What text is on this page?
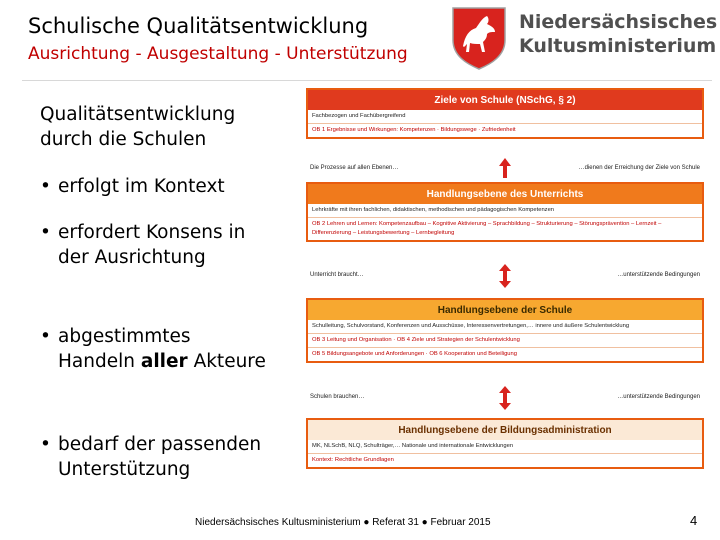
Schulische Qualitätsentwicklung
Ausrichtung - Ausgestaltung - Unterstützung
Niedersächsisches
Kultusministerium
Qualitätsentwicklung
durch die Schulen
• erfolgt im Kontext
• erfordert Konsens in
der Ausrichtung
• abgestimmtes
Handeln aller Akteure
• bedarf der passenden
Unterstützung
Ziele von Schule (NSchG, § 2)
Fachbezogen und Fachübergreifend
OB 1 Ergebnisse und Wirkungen: Kompetenzen · Bildungswege · Zufriedenheit
Die Prozesse auf allen Ebenen…	…dienen der Erreichung der Ziele von Schule
Handlungsebene des Unterrichts
Lehrkräfte mit ihren fachlichen, didaktischen, methodischen und pädagogischen Kompetenzen
OB 2 Lehren und Lernen: Kompetenzaufbau – Kognitive Aktivierung – Sprachbildung – Strukturierung – Störungsprävention – Lernzeit – Differenzierung – Leistungsbewertung – Lernbegleitung
Unterricht braucht…	…unterstützende Bedingungen
Handlungsebene der Schule
Schulleitung, Schulvorstand, Konferenzen und Ausschüsse, Interessenvertretungen,… innere und äußere Schulentwicklung
OB 3 Leitung und Organisation · OB 4 Ziele und Strategien der Schulentwicklung
OB 5 Bildungsangebote und Anforderungen · OB 6 Kooperation und Beteiligung
Schulen brauchen…	…unterstützende Bedingungen
Handlungsebene der Bildungsadministration
MK, NLSchB, NLQ, Schulträger,… Nationale und internationale Entwicklungen
Kontext: Rechtliche Grundlagen
Niedersächsisches Kultusministerium ● Referat 31 ● Februar 2015	4
